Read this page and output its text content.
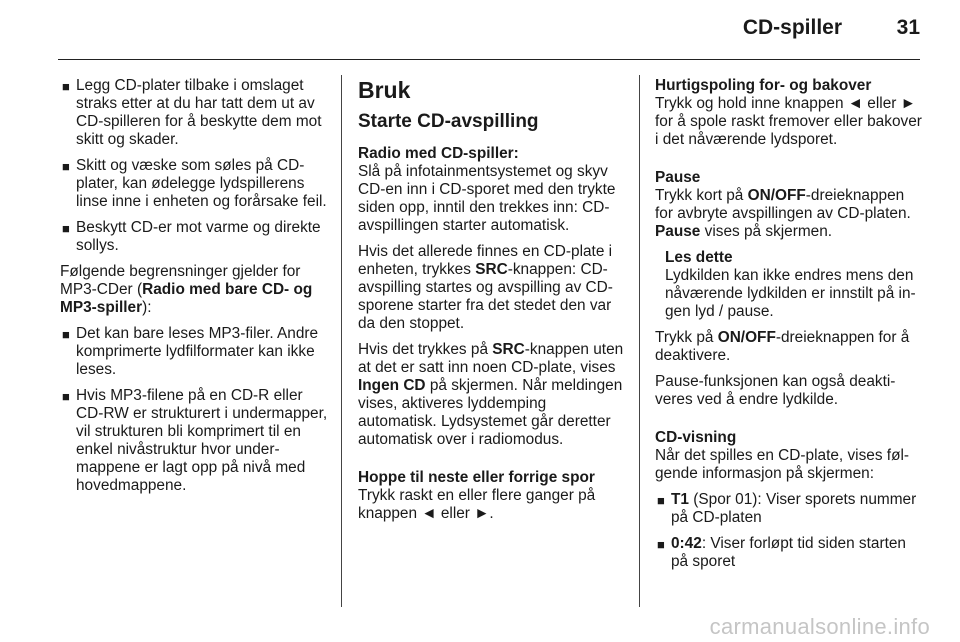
CD-spiller	31
■ Legg CD-plater tilbake i omslaget straks etter at du har tatt dem ut av CD-spilleren for å beskytte dem mot skitt og skader.
■ Skitt og væske som søles på CD-plater, kan ødelegge lydspillerens linse inne i enheten og forårsake feil.
■ Beskytt CD-er mot varme og direkte sollys.

Følgende begrensninger gjelder for MP3-CDer (Radio med bare CD- og MP3-spiller):

■ Det kan bare leses MP3-filer. Andre komprimerte lydfilformater kan ikke leses.
■ Hvis MP3-filene på en CD-R eller CD-RW er strukturert i undermapper, vil strukturen bli komprimert til en enkel nivåstruktur hvor undermappene er lagt opp på nivå med hovedmappene.
Bruk
Starte CD-avspilling

Radio med CD-spiller:

Slå på infotainmentsystemet og skyv CD-en inn i CD-sporet med den trykte siden opp, inntil den trekkes inn: CD-avspillingen starter automatisk.

Hvis det allerede finnes en CD-plate i enheten, trykkes SRC-knappen: CD-avspilling startes og avspilling av CD-sporene starter fra det stedet den var da den stoppet.

Hvis det trykkes på SRC-knappen uten at det er satt inn noen CD-plate, vises Ingen CD på skjermen. Når meldingen vises, aktiveres lyddemping automatisk. Lydsystemet går deretter automatisk over i radiomodus.

Hoppe til neste eller forrige spor

Trykk raskt en eller flere ganger på knappen ◄ eller ►.

Hurtigspoling for- og bakover

Trykk og hold inne knappen ◄ eller ► for å spole raskt fremover eller bakover i det nåværende lydsporet.

Pause

Trykk kort på ON/OFF-dreieknappen for avbryte avspillingen av CD-platen. Pause vises på skjermen.

Les dette

Lydkilden kan ikke endres mens den nåværende lydkilden er innstilt på ingen lyd / pause.

Trykk på ON/OFF-dreieknappen for å deaktivere.

Pause-funksjonen kan også deaktiveres ved å endre lydkilde.

CD-visning

Når det spilles en CD-plate, vises følgende informasjon på skjermen:

■ T1 (Spor 01): Viser sporets nummer på CD-platen
■ 0:42: Viser forløpt tid siden starten på sporet
carmanualsonline.info
